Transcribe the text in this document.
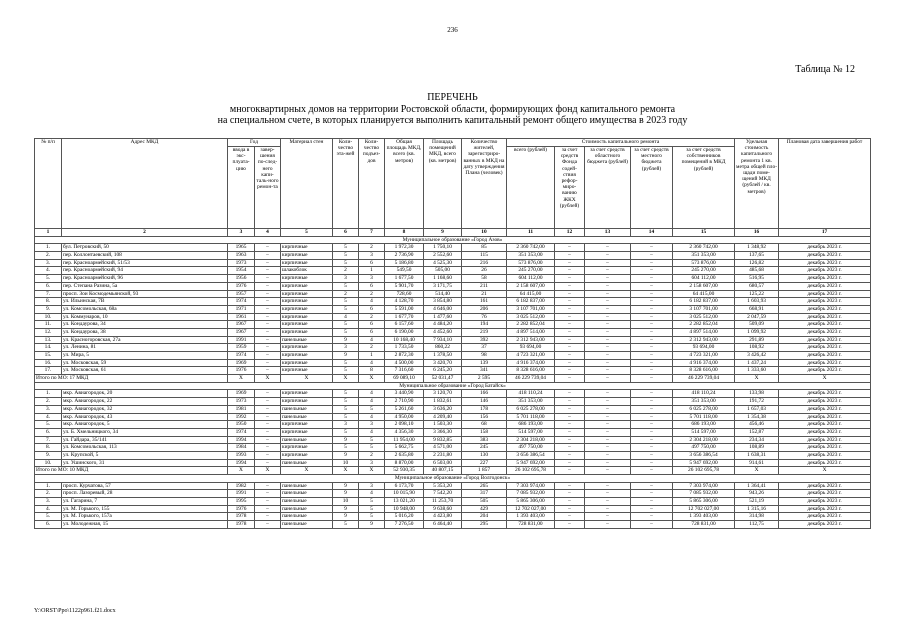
236
Таблица № 12
ПЕРЕЧЕНЬ
многоквартирных домов на территории Ростовской области, формирующих фонд капитального ремонта
на специальном счете, в которых планируется выполнить капитальный ремонт общего имущества в 2023 году
№ п/п	Адрес МКД	Год		Материал стен	Коли-чество эта-жей	Коли-чество подъез-дов	Общая площадь МКД, всего (кв. метров)	Площадь помещений МКД, всего (кв. метров)	Количество жителей, зарегистриро-ванных в МКД на дату утверждения Плана (человек)	Стоимость капитального ремонта					Удельная стоимость капитального ремонта 1 кв. метра общей пло-щади поме-щений МКД (рублей / кв. метров)	Плановая дата завершения работ
		ввода в экс-плуата-цию	завер-шения по-след-него капи-таль-ного ремон-та							всего (рублей)	за счет средств Фонда содей-ствия рефор-миро-ванию ЖКХ (рублей)	за счет средств областного бюджета (рублей)	за счет средств местного бюджета (рублей)	за счет средств собственников помещений в МКД (рублей)		
1	2	3	4	5	6	7	8	9	10	11	12	13	14	15	16	17
Муниципальное образование «Город Азов»																
1.	бул. Петровский, 50	1965	–	кирпичные	5	2	1 972,30	1 750,10	85	2 360 742,00	–	–	–	2 360 742,00	1 348,92	декабрь 2023 г.
2.	пер. Коллонтаевский, 108	1963	–	кирпичные	5	3	2 736,90	2 552,60	115	351 353,00	–	–	–	351 353,00	137,65	декабрь 2023 г.
3.	пер. Красноармейский, 51/53	1973	–	кирпичные	5	6	5 186,80	4 525,30	216	573 876,00	–	–	–	573 876,00	126,82	декабрь 2023 г.
4.	пер. Красноармейский, 94	1954	–	шлакоблок	2	1	549,50	505,00	26	245 270,00	–	–	–	245 270,00	485,68	декабрь 2023 г.
5.	пер. Красноармейский, 96	1956	–	кирпичные	3	3	1 677,50	1 168,60	58	604 112,00	–	–	–	604 112,00	516,95	декабрь 2023 г.
6.	пер. Степана Разина, 5а	1976	–	кирпичные	5	6	5 901,70	3 171,75	211	2 158 607,00	–	–	–	2 158 607,00	680,57	декабрь 2023 г.
7.	просп. Зои Космодемьянской, 93	1957	–	кирпичные	2	2	728,60	514,40	21	64 415,00	–	–	–	64 415,00	125,22	декабрь 2023 г.
8.	ул. Ильинская, 7В	1974	–	кирпичные	5	4	4 128,70	3 854,80	161	6 182 837,00	–	–	–	6 182 837,00	1 603,93	декабрь 2023 г.
9.	ул. Комсомольская, 68а	1971	–	кирпичные	5	6	5 591,00	4 646,00	206	3 107 701,00	–	–	–	3 107 701,00	668,91	декабрь 2023 г.
10.	ул. Коммунаров, 10	1961	–	кирпичные	4	2	1 677,70	1 477,60	76	3 025 512,00	–	–	–	3 025 512,00	2 047,59	декабрь 2023 г.
11.	ул. Кондаурова, 34	1967	–	кирпичные	5	6	6 157,60	4 484,20	194	2 282 852,04	–	–	–	2 282 852,04	509,09	декабрь 2023 г.
12.	ул. Кондаурова, 38	1967	–	кирпичные	5	6	6 190,00	4 452,60	219	4 897 514,00	–	–	–	4 897 514,00	1 099,92	декабрь 2023 г.
13.	ул. Красногоровская, 27а	1991	–	панельные	9	4	10 168,40	7 934,10	392	2 312 943,00	–	–	–	2 312 943,00	291,89	декабрь 2023 г.
14.	ул. Ленина, 81	1959	–	кирпичные	3	2	1 733,50	860,22	37	93 694,00	–	–	–	93 694,00	108,92	декабрь 2023 г.
15.	ул. Мира, 5	1974	–	кирпичные	9	1	2 872,30	1 378,50	98	4 723 321,00	–	–	–	4 723 321,00	3 426,42	декабрь 2023 г.
16.	ул. Московская, 59	1969	–	кирпичные	5	4	4 500,00	3 420,70	139	4 916 374,00	–	–	–	4 916 374,00	1 437,24	декабрь 2023 г.
17.	ул. Московская, 61	1976	–	кирпичные	5	8	7 316,60	6 245,20	341	8 328 616,00	–	–	–	8 328 616,00	1 333,60	декабрь 2023 г.
Итого по МО: 17 МКД		X	X	X	X	X	69 089,10	52 031,47	2 595	46 229 739,04	–	–	–	46 229 739,04	X	X
Муниципальное образование «Город Батайск»																
1.	мкр. Авиагородок, 20	1969	–	кирпичные	5	4	3 440,90	3 120,70	166	418 110,24	–	–	–	418 110,24	133,98	декабрь 2023 г.
2.	мкр. Авиагородок, 22	1973	–	кирпичные	5	4	2 710,90	1 832,61	146	351 353,00	–	–	–	351 353,00	191,72	декабрь 2023 г.
3.	мкр. Авиагородок, 32	1981	–	панельные	5	5	5 261,60	3 636,20	178	6 025 278,00	–	–	–	6 025 278,00	1 657,03	декабрь 2023 г.
4.	мкр. Авиагородок, 43	1992	–	панельные	5	4	4 950,00	4 209,40	156	5 701 118,00	–	–	–	5 701 118,00	1 354,38	декабрь 2023 г.
5.	мкр. Авиагородок, 5	1950	–	кирпичные	3	3	2 098,10	1 503,30	68	686 193,00	–	–	–	686 193,00	456,46	декабрь 2023 г.
6.	ул. Б. Хмельницкого, 34	1974	–	кирпичные	5	4	4 356,30	3 366,30	158	514 597,00	–	–	–	514 597,00	152,87	декабрь 2023 г.
7.	ул. Гайдара, 35/141	1994	–	панельные	9	5	11 954,00	9 832,85	383	2 304 218,00	–	–	–	2 304 218,00	234,34	декабрь 2023 г.
8.	ул. Комсомольская, 113	1984	–	кирпичные	5	5	5 662,75	4 571,00	245	497 750,00	–	–	–	497 750,00	108,89	декабрь 2023 г.
9.	ул. Крупской, 5	1993	–	кирпичные	9	2	2 635,80	2 231,80	130	3 656 386,54	–	–	–	3 656 386,54	1 638,31	декабрь 2023 г.
10.	ул. Ушинского, 31	1994	–	панельные	10	3	8 870,00	6 503,00	227	5 947 692,00	–	–	–	5 947 692,00	914,61	декабрь 2023 г.
Итого по МО: 10 МКД		X	X	X	X	X	52 930,35	40 807,15	1 857	26 102 695,78	–	–	–	26 102 695,78	X	X
Муниципальное образование «Город Волгодонск»																
1.	просп. Курчатова, 57	1982	–	панельные	9	3	6 173,70	5 353,20	265	7 303 974,00	–	–	–	7 303 974,00	1 364,41	декабрь 2023 г.
2.	просп. Лазоревый, 28	1991	–	панельные	9	4	10 015,90	7 542,20	317	7 085 932,00	–	–	–	7 085 932,00	943,26	декабрь 2023 г.
3.	ул. Гагарина, 7	1995	–	панельные	10	5	13 021,20	11 253,70	505	5 865 306,00	–	–	–	5 865 306,00	521,19	декабрь 2023 г.
4.	ул. М. Горького, 155	1976	–	панельные	9	5	10 948,00	9 638,60	429	12 702 027,00	–	–	–	12 702 027,00	1 315,16	декабрь 2023 г.
5.	ул. М. Горького, 157а	1978	–	панельные	9	5	5 016,20	4 423,80	204	1 393 403,00	–	–	–	1 393 403,00	314,98	декабрь 2023 г.
6.	ул. Молодежная, 15	1978	–	панельные	5	9	7 276,50	6 464,40	295	728 831,00	–	–	–	728 831,00	112,75	декабрь 2023 г.
Y:\ORST\Ppo\1122p961.f21.docx
